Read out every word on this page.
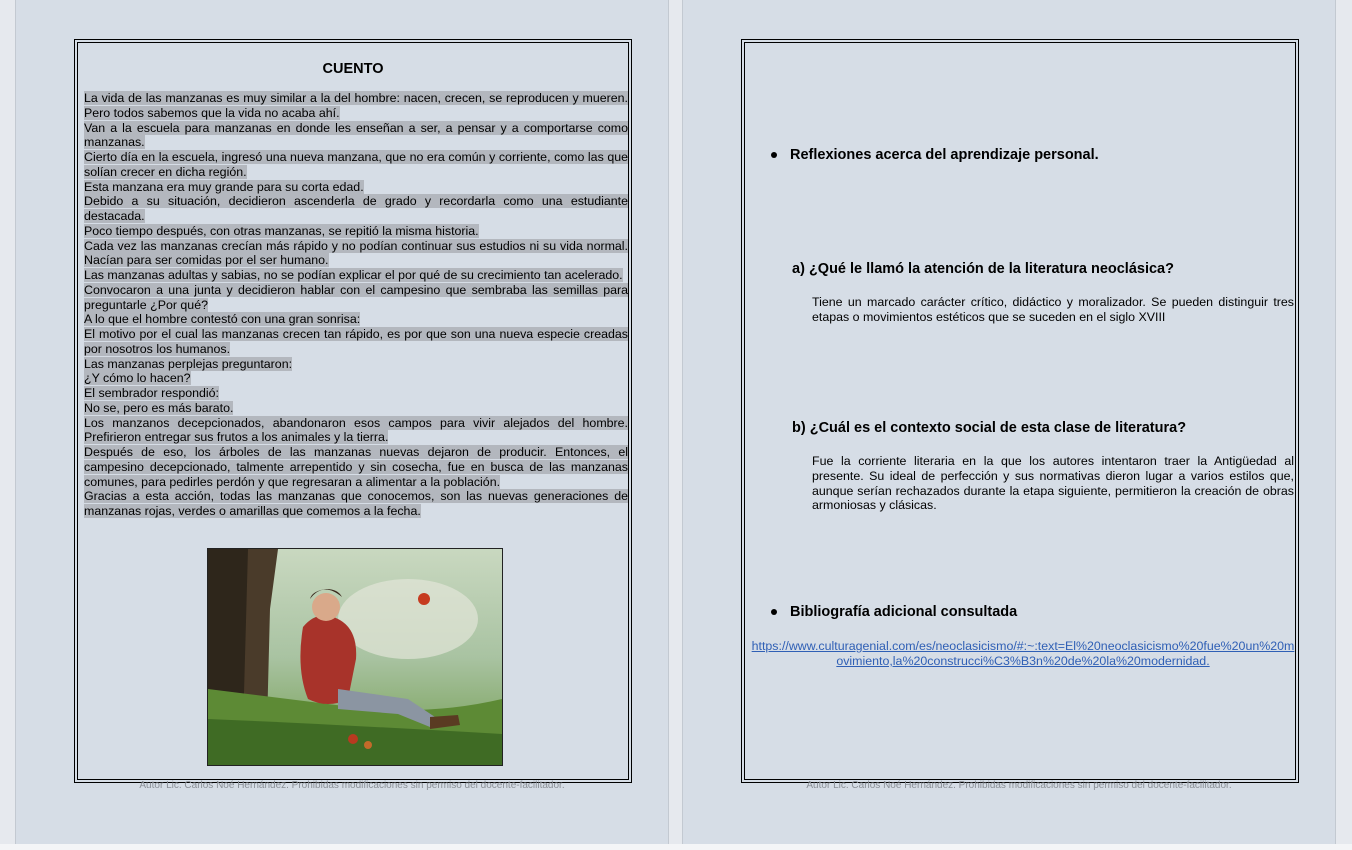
CUENTO

La vida de las manzanas es muy similar a la del hombre: nacen, crecen, se reproducen y mueren. Pero todos sabemos que la vida no acaba ahí.

Van a la escuela para manzanas en donde les enseñan a ser, a pensar y a comportarse como manzanas.

Cierto día en la escuela, ingresó una nueva manzana, que no era común y corriente, como las que solían crecer en dicha región.

Esta manzana era muy grande para su corta edad.

Debido a su situación, decidieron ascenderla de grado y recordarla como una estudiante destacada.

Poco tiempo después, con otras manzanas, se repitió la misma historia.

Cada vez las manzanas crecían más rápido y no podían continuar sus estudios ni su vida normal. Nacían para ser comidas por el ser humano.

Las manzanas adultas y sabias, no se podían explicar el por qué de su crecimiento tan acelerado.

Convocaron a una junta y decidieron hablar con el campesino que sembraba las semillas para preguntarle ¿Por qué?

A lo que el hombre contestó con una gran sonrisa:

El motivo por el cual las manzanas crecen tan rápido, es por que son una nueva especie creadas por nosotros los humanos.

Las manzanas perplejas preguntaron:

¿Y cómo lo hacen?

El sembrador respondió:

No se, pero es más barato.

Los manzanos decepcionados, abandonaron esos campos para vivir alejados del hombre. Prefirieron entregar sus frutos a los animales y la tierra.

Después de eso, los árboles de las manzanas nuevas dejaron de producir. Entonces, el campesino decepcionado, talmente arrepentido y sin cosecha, fue en busca de las manzanas comunes, para pedirles perdón y que regresaran a alimentar a la población.

Gracias a esta acción, todas las manzanas que conocemos, son las nuevas generaciones de manzanas rojas, verdes o amarillas que comemos a la fecha.

Autor Lic. Carlos Noé Hernández. Prohibidas modificaciones sin permiso del docente-facilitador.
Reflexiones acerca del aprendizaje personal.
a) ¿Qué le llamó la atención de la literatura neoclásica?
Tiene un marcado carácter crítico, didáctico y moralizador. Se pueden distinguir tres etapas o movimientos estéticos que se suceden en el siglo XVIII
b) ¿Cuál es el contexto social de esta clase de literatura?
Fue la corriente literaria en la que los autores intentaron traer la Antigüedad al presente. Su ideal de perfección y sus normativas dieron lugar a varios estilos que, aunque serían rechazados durante la etapa siguiente, permitieron la creación de obras armoniosas y clásicas.
Bibliografía adicional consultada
https://www.culturagenial.com/es/neoclasicismo/#:~:text=El%20neoclasicismo%20fue%20un%20movimiento,la%20construcci%C3%B3n%20de%20la%20modernidad.
Autor Lic. Carlos Noé Hernández. Prohibidas modificaciones sin permiso del docente-facilitador.
